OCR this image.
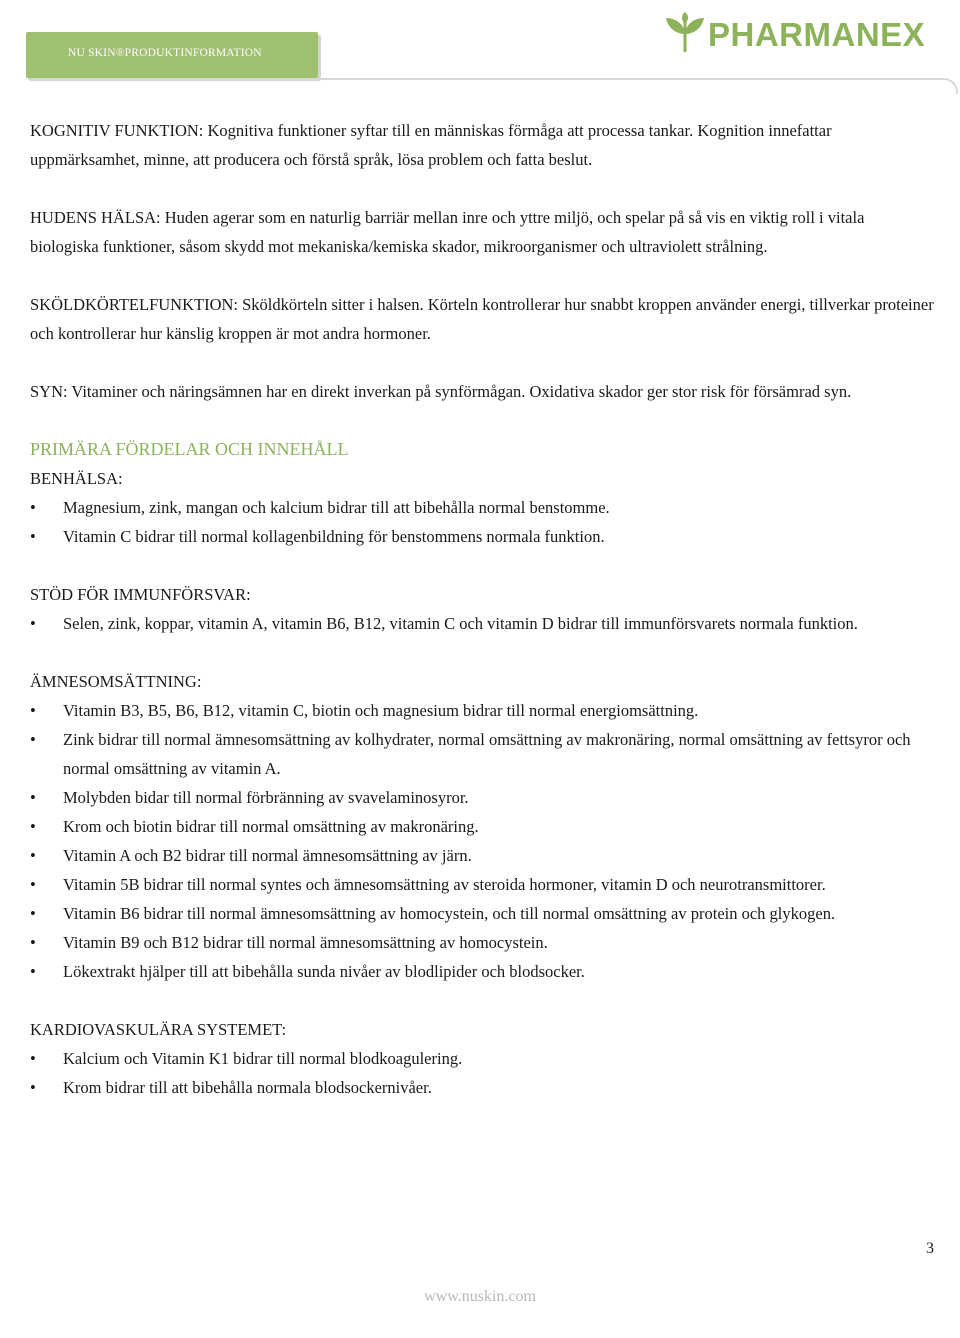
NU SKIN®PRODUKTINFORMATION	PHARMANEX

KOGNITIV FUNKTION: Kognitiva funktioner syftar till en människas förmåga att processa tankar. Kognition innefattar uppmärksamhet, minne, att producera och förstå språk, lösa problem och fatta beslut.

HUDENS HÄLSA: Huden agerar som en naturlig barriär mellan inre och yttre miljö, och spelar på så vis en viktig roll i vitala biologiska funktioner, såsom skydd mot mekaniska/kemiska skador, mikroorganismer och ultraviolett strålning.

SKÖLDKÖRTELFUNKTION: Sköldkörteln sitter i halsen. Körteln kontrollerar hur snabbt kroppen använder energi, tillverkar proteiner och kontrollerar hur känslig kroppen är mot andra hormoner.

SYN: Vitaminer och näringsämnen har en direkt inverkan på synförmågan. Oxidativa skador ger stor risk för försämrad syn.

PRIMÄRA FÖRDELAR OCH INNEHÅLL

BENHÄLSA:

• Magnesium, zink, mangan och kalcium bidrar till att bibehålla normal benstomme.
• Vitamin C bidrar till normal kollagenbildning för benstommens normala funktion.

STÖD FÖR IMMUNFÖRSVAR:

• Selen, zink, koppar, vitamin A, vitamin B6, B12, vitamin C och vitamin D bidrar till immunförsvarets normala funktion.

ÄMNESOMSÄTTNING:

• Vitamin B3, B5, B6, B12, vitamin C, biotin och magnesium bidrar till normal energiomsättning.
• Zink bidrar till normal ämnesomsättning av kolhydrater, normal omsättning av makronäring, normal omsättning av fettsyror och normal omsättning av vitamin A.
• Molybden bidar till normal förbränning av svavelaminosyror.
• Krom och biotin bidrar till normal omsättning av makronäring.
• Vitamin A och B2 bidrar till normal ämnesomsättning av järn.
• Vitamin 5B bidrar till normal syntes och ämnesomsättning av steroida hormoner, vitamin D och neurotransmittorer.
• Vitamin B6 bidrar till normal ämnesomsättning av homocystein, och till normal omsättning av protein och glykogen.
• Vitamin B9 och B12 bidrar till normal ämnesomsättning av homocystein.
• Lökextrakt hjälper till att bibehålla sunda nivåer av blodlipider och blodsocker.

KARDIOVASKULÄRA SYSTEMET:

• Kalcium och Vitamin K1 bidrar till normal blodkoagulering.
• Krom bidrar till att bibehålla normala blodsockernivåer.
3
www.nuskin.com
